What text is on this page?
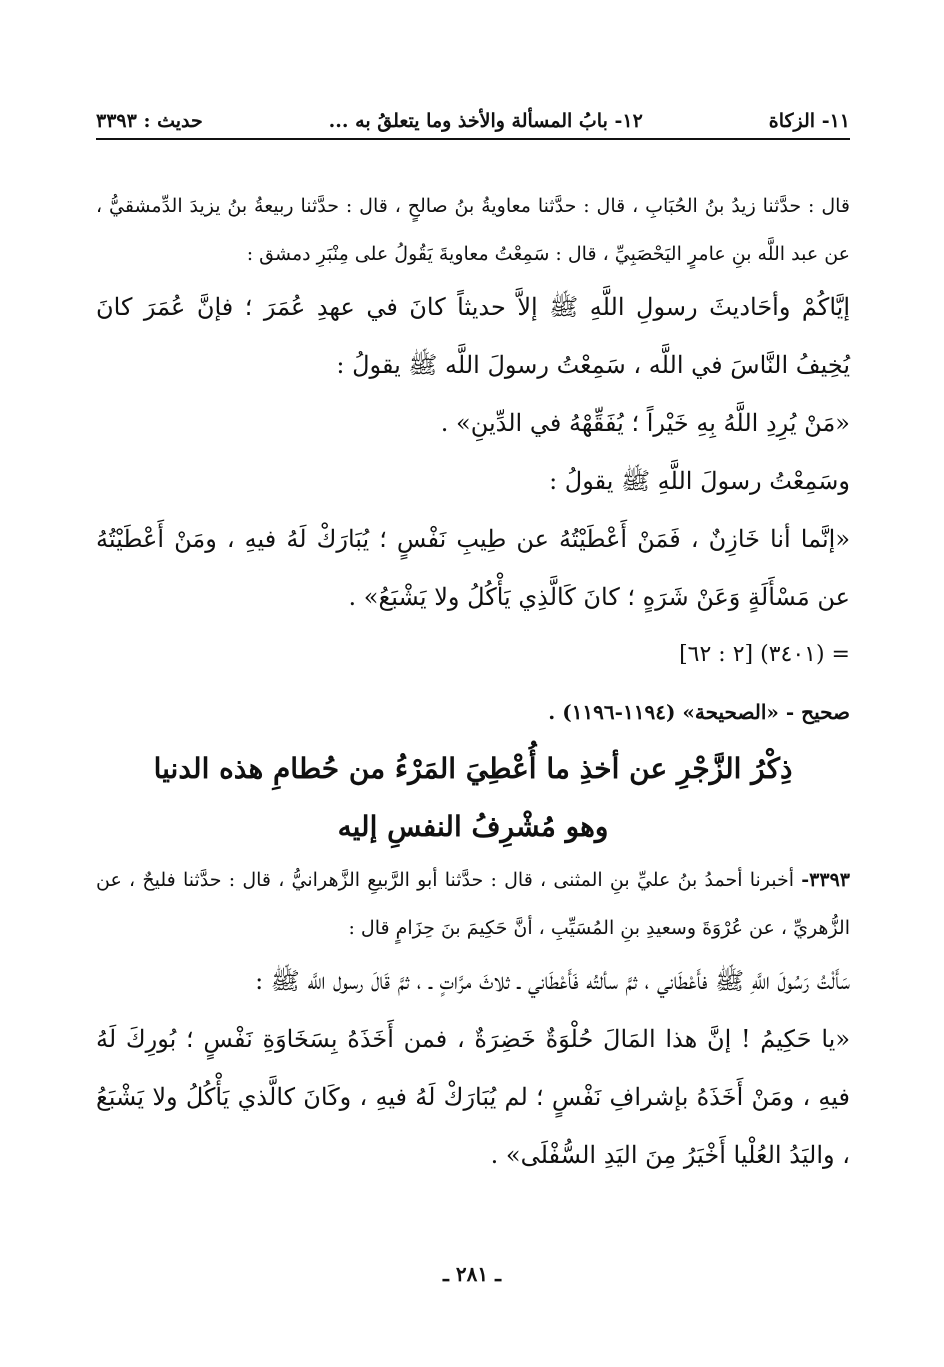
١١- الزكاة
١٢- بابُ المسألة والأخذ وما يتعلقُ به ...
حديث : ٣٣٩٣

قال : حدَّثنا زيدُ بنُ الحُبَابِ ، قال : حدَّثنا معاويةُ بنُ صالحٍ ، قال : حدَّثنا ربيعةُ بنُ يزيدَ الدِّمشقيُّ ، عن عبد اللَّه بنِ عامرٍ اليَحْصَبِيِّ ، قال : سَمِعْتُ معاويةَ يَقُولُ على مِنْبَرِ دمشق :

إيَّاكُمْ وأحَاديثَ رسولِ اللَّهِ ﷺ إلاَّ حديثاً كانَ في عهدِ عُمَرَ ؛ فإنَّ عُمَرَ كانَ يُخِيفُ النَّاسَ في اللَّه ، سَمِعْتُ رسولَ اللَّه ﷺ يقولُ :

«مَنْ يُرِدِ اللَّهُ بِهِ خَيْراً ؛ يُفَقِّهْهُ في الدِّينِ» .

وسَمِعْتُ رسولَ اللَّهِ ﷺ يقولُ :

«إنَّما أنا خَازِنٌ ، فَمَنْ أَعْطَيْتُهُ عن طِيبِ نَفْسٍ ؛ يُبَارَكْ لَهُ فيهِ ، ومَنْ أَعْطَيْتُهُ عن مَسْأَلَةٍ وَعَنْ شَرَهٍ ؛ كانَ كَالَّذِي يَأْكُلُ ولا يَشْبَعُ» .

= (٣٤٠١) [٢ : ٦٢]

صحيح - «الصحيحة» (١١٩٤-١١٩٦) .

ذِكْرُ الزَّجْرِ عن أخذِ ما أُعْطِيَ المَرْءُ من حُطامِ هذه الدنيا

وهو مُشْرِفُ النفسِ إليه

٣٣٩٣- أخبرنا أحمدُ بنُ عليِّ بنِ المثنى ، قال : حدَّثنا أبو الرَّبيعِ الزَّهرانيُّ ، قال : حدَّثنا فليحٌ ، عن الزُّهريِّ ، عن عُرْوَةَ وسعيدِ بنِ المُسَيِّبِ ، أنَّ حَكِيمَ بنَ حِزَامٍ قال :

سَأَلْتُ رَسُولَ اللَّهِ ﷺ فأَعْطَاني ، ثمَّ سألتُه فَأَعْطَاني ـ ثلاثَ مرَّاتٍ ـ ، ثمَّ قَالَ رسول اللَّه ﷺ :

«يا حَكِيمُ ! إنَّ هذا المَالَ حُلْوَةٌ خَضِرَةٌ ، فمن أَخَذَهُ بِسَخَاوَةِ نَفْسٍ ؛ بُورِكَ لَهُ فيهِ ، ومَنْ أَخَذَهُ بإشرافِ نَفْسٍ ؛ لم يُبَارَكْ لَهُ فيهِ ، وكَانَ كالَّذي يَأْكُلُ ولا يَشْبَعُ ، واليَدُ العُلْيا أَخْيَرُ مِنَ اليَدِ السُّفْلَى» .

ـ ٢٨١ ـ
